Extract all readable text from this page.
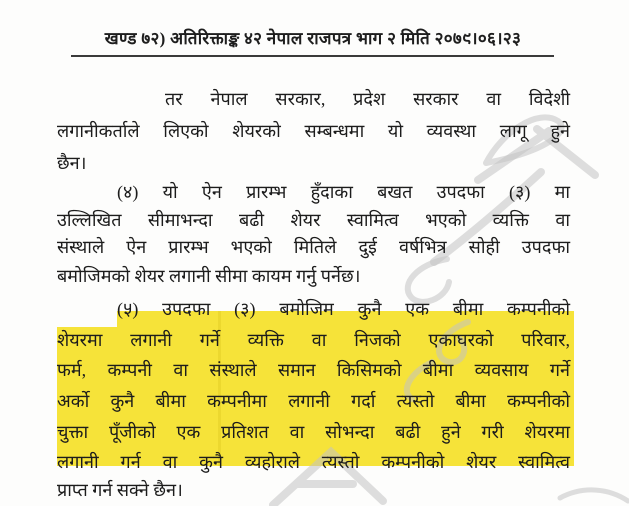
खण्ड ७२) अतिरिक्ताङ्क ४२ नेपाल राजपत्र भाग २ मिति २०७९।०६।२३
तर नेपाल सरकार, प्रदेश सरकार वा विदेशी
लगानीकर्ताले लिएको शेयरको सम्बन्धमा यो व्यवस्था लागू हुने
छैन।
(४) यो ऐन प्रारम्भ हुँदाका बखत उपदफा (३) मा
उल्लिखित सीमाभन्दा बढी शेयर स्वामित्व भएको व्यक्ति वा
संस्थाले ऐन प्रारम्भ भएको मितिले दुई वर्षभित्र सोही उपदफा
बमोजिमको शेयर लगानी सीमा कायम गर्नु पर्नेछ।
(५) उपदफा (३) बमोजिम कुनै एक बीमा कम्पनीको
शेयरमा लगानी गर्ने व्यक्ति वा निजको एकाघरको परिवार,
फर्म, कम्पनी वा संस्थाले समान किसिमको बीमा व्यवसाय गर्ने
अर्को कुनै बीमा कम्पनीमा लगानी गर्दा त्यस्तो बीमा कम्पनीको
चुक्ता पूँजीको एक प्रतिशत वा सोभन्दा बढी हुने गरी शेयरमा
लगानी गर्न वा कुनै व्यहोराले त्यस्तो कम्पनीको शेयर स्वामित्व
प्राप्त गर्न सक्ने छैन।
